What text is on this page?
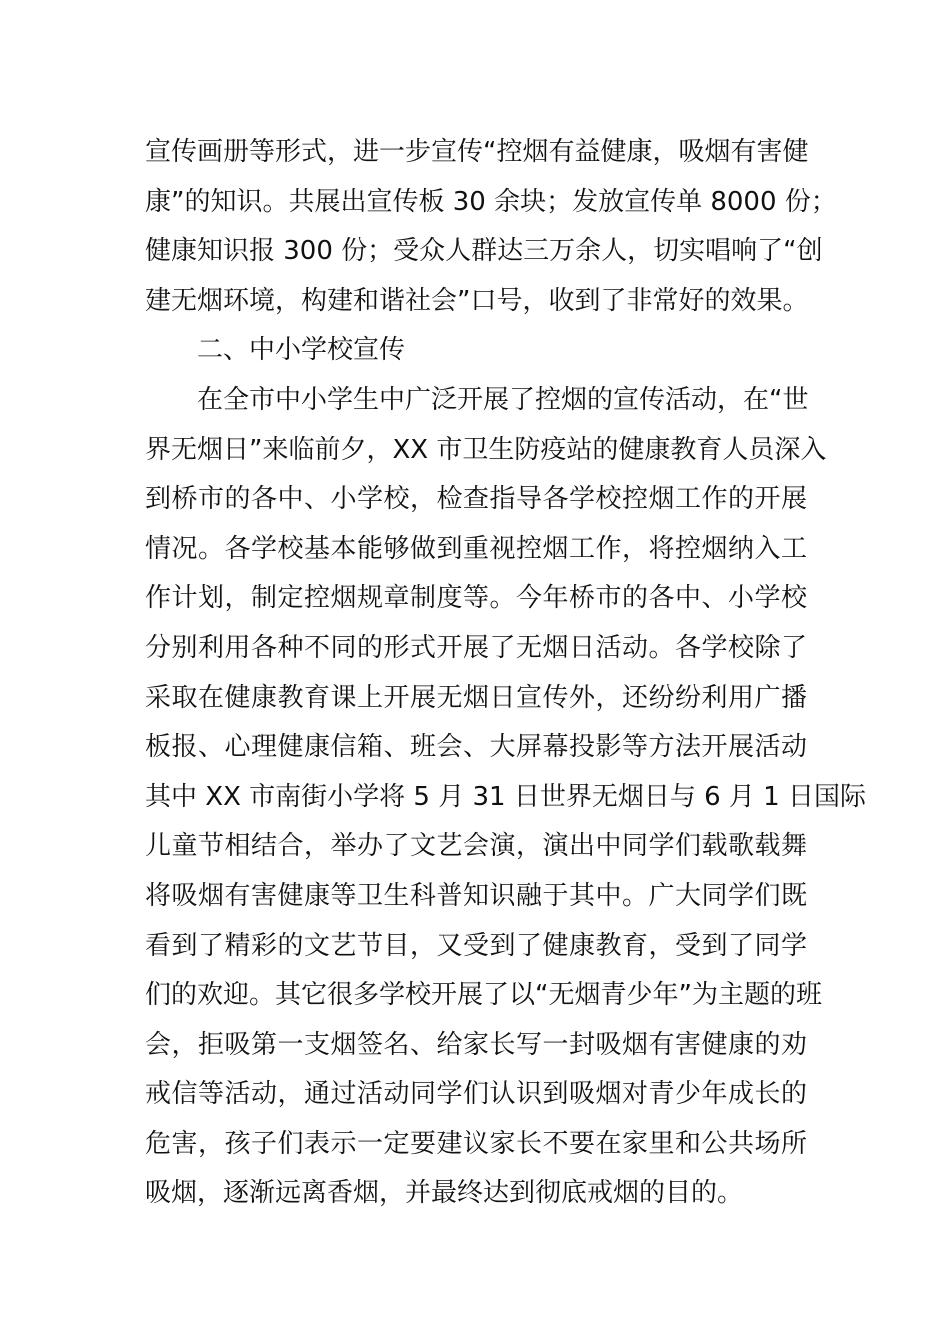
宣传画册等形式，进一步宣传“控烟有益健康，吸烟有害健
康”的知识。共展出宣传板 30 余块；发放宣传单 8000 份；
健康知识报 300 份；受众人群达三万余人，切实唱响了“创
建无烟环境，构建和谐社会”口号，收到了非常好的效果。
二、中小学校宣传
在全市中小学生中广泛开展了控烟的宣传活动，在“世
界无烟日”来临前夕，XX 市卫生防疫站的健康教育人员深入
到桥市的各中、小学校，检查指导各学校控烟工作的开展
情况。各学校基本能够做到重视控烟工作，将控烟纳入工
作计划，制定控烟规章制度等。今年桥市的各中、小学校
分别利用各种不同的形式开展了无烟日活动。各学校除了
采取在健康教育课上开展无烟日宣传外，还纷纷利用广播
板报、心理健康信箱、班会、大屏幕投影等方法开展活动
其中 XX 市南街小学将 5 月 31 日世界无烟日与 6 月 1 日国际
儿童节相结合，举办了文艺会演，演出中同学们载歌载舞
将吸烟有害健康等卫生科普知识融于其中。广大同学们既
看到了精彩的文艺节目，又受到了健康教育，受到了同学
们的欢迎。其它很多学校开展了以“无烟青少年”为主题的班
会，拒吸第一支烟签名、给家长写一封吸烟有害健康的劝
戒信等活动，通过活动同学们认识到吸烟对青少年成长的
危害，孩子们表示一定要建议家长不要在家里和公共场所
吸烟，逐渐远离香烟，并最终达到彻底戒烟的目的。
